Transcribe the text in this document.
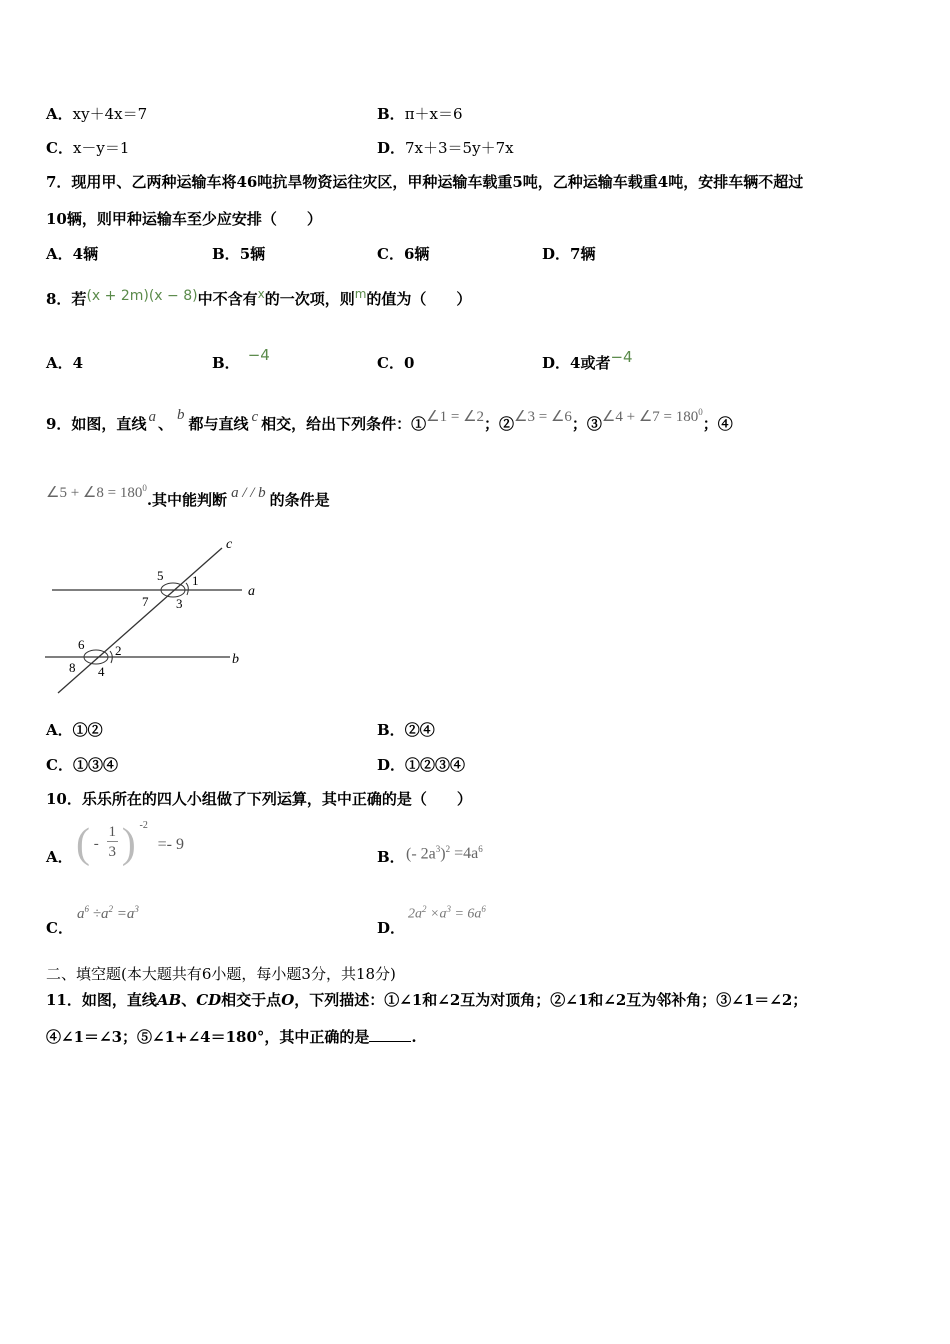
A．xy＋4x＝7	B．π＋x＝6
C．x－y＝1	D．7x＋3＝5y＋7x
7．现用甲、乙两种运输车将46吨抗旱物资运往灾区，甲种运输车载重5吨，乙种运输车载重4吨，安排车辆不超过
10辆，则甲种运输车至少应安排（　　）
A．4辆	B．5辆	C．6辆	D．7辆
8．若(x + 2m)(x − 8)中不含有$^x$的一次项，则$^m$的值为（　　）
A．4	B． −4	C．0	D．4或者−4
9．如图，直线 a 、 b 都与直线 c 相交，给出下列条件：①∠1 = ∠2；②∠3 = ∠6；③∠4 + ∠7 = $180^0$；④
∠5 + ∠8 = $180^0$.其中能判断 a / / b 的条件是
c
a
b
5 1
7 3
6 2
8 4
A．①②	B．②④
C．①③④	D．①②③④
10．乐乐所在的四人小组做了下列运算，其中正确的是（　　）
A． ( - $\frac{1}{3}$ ) -2 =- 9
B． (- $2a^3)^2 =4a^6$
C．
$a^6 \div a^2 =a^3$
D．
$2a^2 \times a^3 = 6a^6$
二、填空题(本大题共有6小题，每小题3分，共18分)
11．如图，直线AB、CD相交于点O，下列描述：①∠1和∠2互为对顶角；②∠1和∠2互为邻补角；③∠1＝∠2；
④∠1＝∠3；⑤∠1+∠4＝180°，其中正确的是	.
